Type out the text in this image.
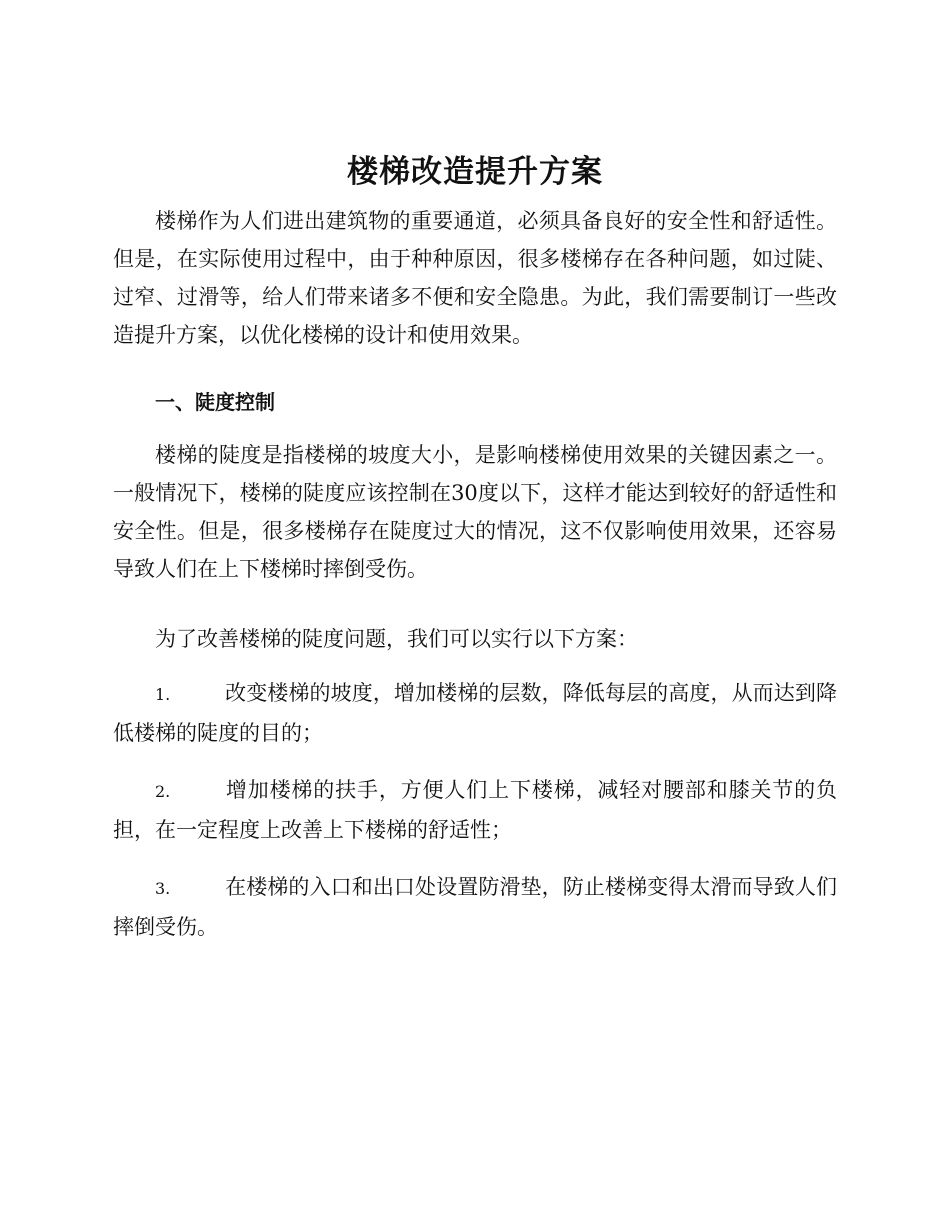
楼梯改造提升方案

楼梯作为人们进出建筑物的重要通道，必须具备良好的安全性和舒适性。但是，在实际使用过程中，由于种种原因，很多楼梯存在各种问题，如过陡、过窄、过滑等，给人们带来诸多不便和安全隐患。为此，我们需要制订一些改造提升方案，以优化楼梯的设计和使用效果。

一、陡度控制

楼梯的陡度是指楼梯的坡度大小，是影响楼梯使用效果的关键因素之一。一般情况下，楼梯的陡度应该控制在30度以下，这样才能达到较好的舒适性和安全性。但是，很多楼梯存在陡度过大的情况，这不仅影响使用效果，还容易导致人们在上下楼梯时摔倒受伤。

为了改善楼梯的陡度问题，我们可以实行以下方案：

1.	改变楼梯的坡度，增加楼梯的层数，降低每层的高度，从而达到降低楼梯的陡度的目的；

2.	增加楼梯的扶手，方便人们上下楼梯，减轻对腰部和膝关节的负担，在一定程度上改善上下楼梯的舒适性；

3.	在楼梯的入口和出口处设置防滑垫，防止楼梯变得太滑而导致人们摔倒受伤。
